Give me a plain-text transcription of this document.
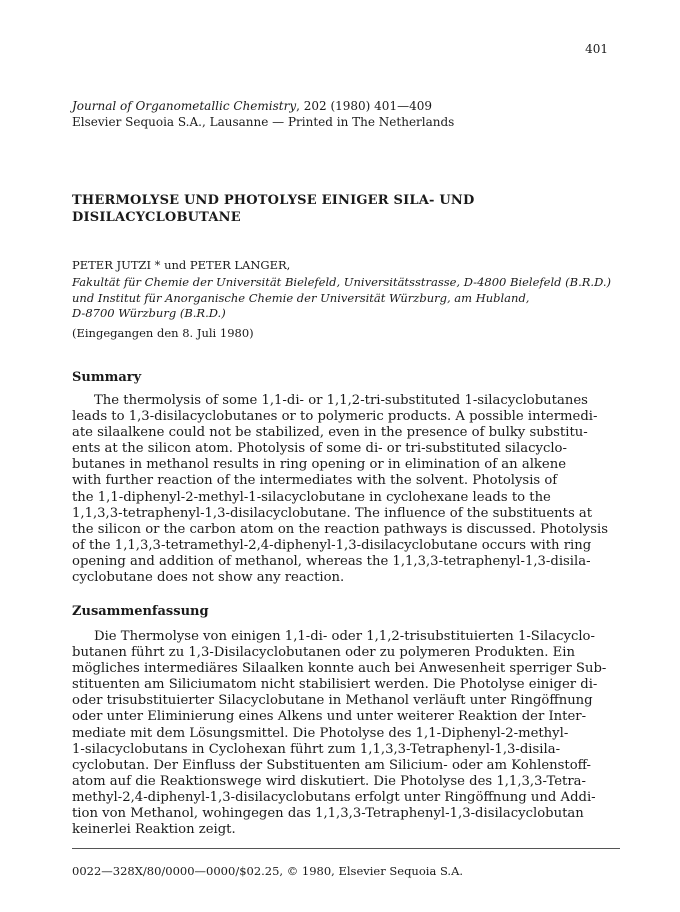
401
Journal of Organometallic Chemistry, 202 (1980) 401—409
Elsevier Sequoia S.A., Lausanne — Printed in The Netherlands
THERMOLYSE UND PHOTOLYSE EINIGER SILA- UND
DISILACYCLOBUTANE
PETER JUTZI * und PETER LANGER,
Fakultät für Chemie der Universität Bielefeld, Universitätsstrasse, D-4800 Bielefeld (B.R.D.)
und Institut für Anorganische Chemie der Universität Würzburg, am Hubland,
D-8700 Würzburg (B.R.D.)
(Eingegangen den 8. Juli 1980)
Summary
The thermolysis of some 1,1-di- or 1,1,2-tri-substituted 1-silacyclobutanes
leads to 1,3-disilacyclobutanes or to polymeric products. A possible intermedi-
ate silaalkene could not be stabilized, even in the presence of bulky substitu-
ents at the silicon atom. Photolysis of some di- or tri-substituted silacyclo-
butanes in methanol results in ring opening or in elimination of an alkene
with further reaction of the intermediates with the solvent. Photolysis of
the 1,1-diphenyl-2-methyl-1-silacyclobutane in cyclohexane leads to the
1,1,3,3-tetraphenyl-1,3-disilacyclobutane. The influence of the substituents at
the silicon or the carbon atom on the reaction pathways is discussed. Photolysis
of the 1,1,3,3-tetramethyl-2,4-diphenyl-1,3-disilacyclobutane occurs with ring
opening and addition of methanol, whereas the 1,1,3,3-tetraphenyl-1,3-disila-
cyclobutane does not show any reaction.
Zusammenfassung
Die Thermolyse von einigen 1,1-di- oder 1,1,2-trisubstituierten 1-Silacyclo-
butanen führt zu 1,3-Disilacyclobutanen oder zu polymeren Produkten. Ein
mögliches intermediäres Silaalken konnte auch bei Anwesenheit sperriger Sub-
stituenten am Siliciumatom nicht stabilisiert werden. Die Photolyse einiger di-
oder trisubstituierter Silacyclobutane in Methanol verläuft unter Ringöffnung
oder unter Eliminierung eines Alkens und unter weiterer Reaktion der Inter-
mediate mit dem Lösungsmittel. Die Photolyse des 1,1-Diphenyl-2-methyl-
1-silacyclobutans in Cyclohexan führt zum 1,1,3,3-Tetraphenyl-1,3-disila-
cyclobutan. Der Einfluss der Substituenten am Silicium- oder am Kohlenstoff-
atom auf die Reaktionswege wird diskutiert. Die Photolyse des 1,1,3,3-Tetra-
methyl-2,4-diphenyl-1,3-disilacyclobutans erfolgt unter Ringöffnung und Addi-
tion von Methanol, wohingegen das 1,1,3,3-Tetraphenyl-1,3-disilacyclobutan
keinerlei Reaktion zeigt.
0022—328X/80/0000—0000/$02.25, © 1980, Elsevier Sequoia S.A.
